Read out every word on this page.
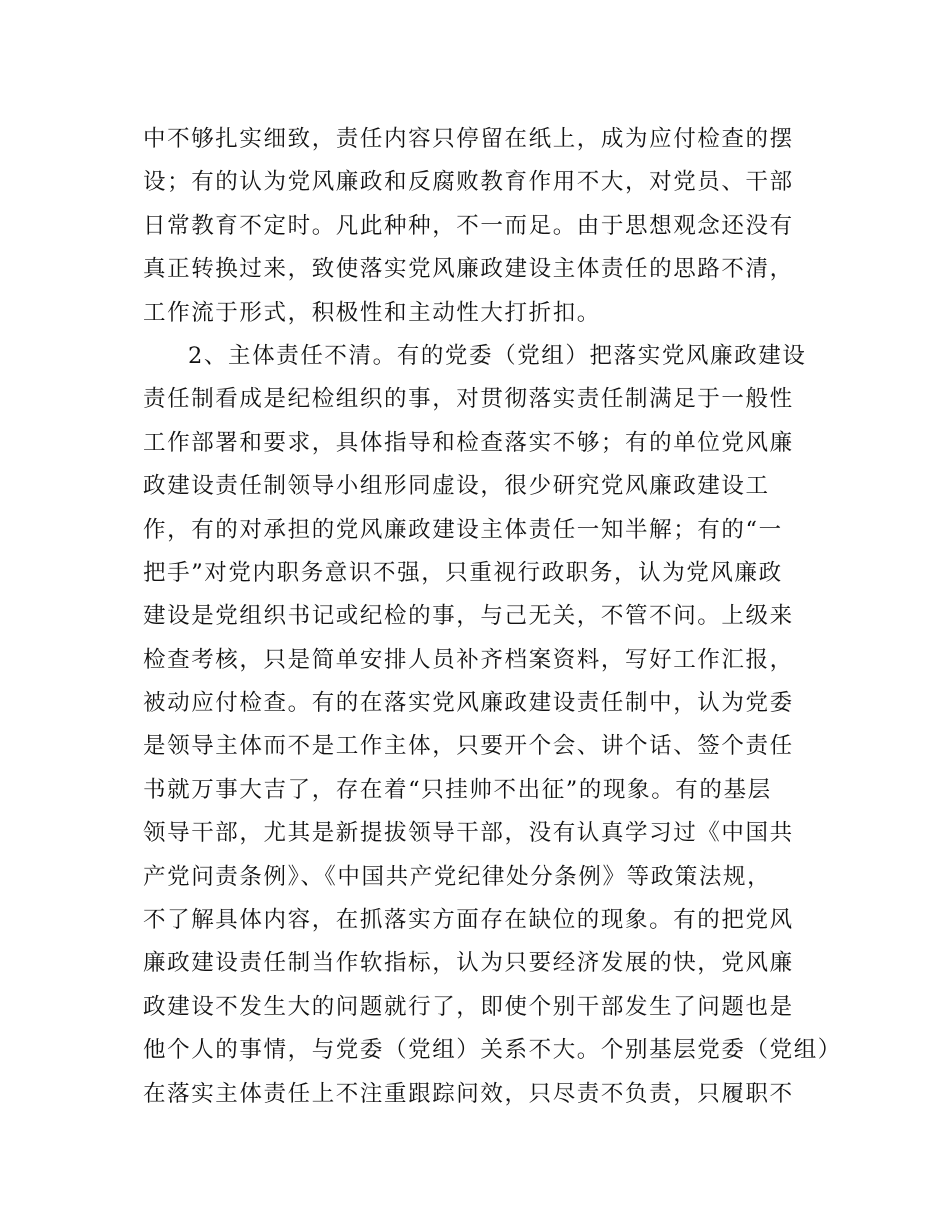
中不够扎实细致，责任内容只停留在纸上，成为应付检查的摆
设；有的认为党风廉政和反腐败教育作用不大，对党员、干部
日常教育不定时。凡此种种，不一而足。由于思想观念还没有
真正转换过来，致使落实党风廉政建设主体责任的思路不清，
工作流于形式，积极性和主动性大打折扣。
2、主体责任不清。有的党委（党组）把落实党风廉政建设
责任制看成是纪检组织的事，对贯彻落实责任制满足于一般性
工作部署和要求，具体指导和检查落实不够；有的单位党风廉
政建设责任制领导小组形同虚设，很少研究党风廉政建设工
作，有的对承担的党风廉政建设主体责任一知半解；有的“一
把手”对党内职务意识不强，只重视行政职务，认为党风廉政
建设是党组织书记或纪检的事，与己无关，不管不问。上级来
检查考核，只是简单安排人员补齐档案资料，写好工作汇报，
被动应付检查。有的在落实党风廉政建设责任制中，认为党委
是领导主体而不是工作主体，只要开个会、讲个话、签个责任
书就万事大吉了，存在着“只挂帅不出征”的现象。有的基层
领导干部，尤其是新提拔领导干部，没有认真学习过《中国共
产党问责条例》、《中国共产党纪律处分条例》等政策法规，
不了解具体内容，在抓落实方面存在缺位的现象。有的把党风
廉政建设责任制当作软指标，认为只要经济发展的快，党风廉
政建设不发生大的问题就行了，即使个别干部发生了问题也是
他个人的事情，与党委（党组）关系不大。个别基层党委（党组）
在落实主体责任上不注重跟踪问效，只尽责不负责，只履职不
